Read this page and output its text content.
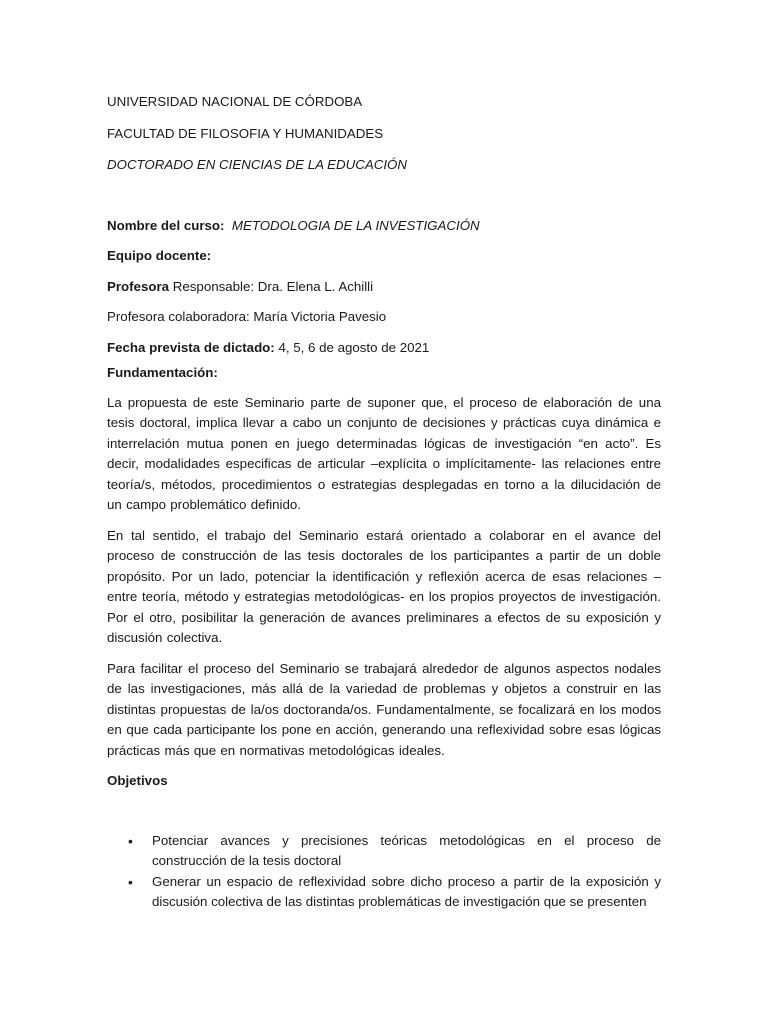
UNIVERSIDAD NACIONAL DE CÓRDOBA

FACULTAD DE FILOSOFIA Y HUMANIDADES

DOCTORADO EN CIENCIAS DE LA EDUCACIÓN

Nombre del curso: METODOLOGIA DE LA INVESTIGACIÓN

Equipo docente:

Profesora Responsable: Dra. Elena L. Achilli

Profesora colaboradora: María Victoria Pavesio

Fecha prevista de dictado: 4, 5, 6 de agosto de 2021

Fundamentación:

La propuesta de este Seminario parte de suponer que, el proceso de elaboración de una tesis doctoral, implica llevar a cabo un conjunto de decisiones y prácticas cuya dinámica e interrelación mutua ponen en juego determinadas lógicas de investigación “en acto”. Es decir, modalidades especificas de articular –explícita o implícitamente- las relaciones entre teoría/s, métodos, procedimientos o estrategias desplegadas en torno a la dilucidación de un campo problemático definido.

En tal sentido, el trabajo del Seminario estará orientado a colaborar en el avance del proceso de construcción de las tesis doctorales de los participantes a partir de un doble propósito. Por un lado, potenciar la identificación y reflexión acerca de esas relaciones –entre teoría, método y estrategias metodológicas- en los propios proyectos de investigación. Por el otro, posibilitar la generación de avances preliminares a efectos de su exposición y discusión colectiva.

Para facilitar el proceso del Seminario se trabajará alrededor de algunos aspectos nodales de las investigaciones, más allá de la variedad de problemas y objetos a construir en las distintas propuestas de la/os doctoranda/os. Fundamentalmente, se focalizará en los modos en que cada participante los pone en acción, generando una reflexividad sobre esas lógicas prácticas más que en normativas metodológicas ideales.

Objetivos

• Potenciar avances y precisiones teóricas metodológicas en el proceso de construcción de la tesis doctoral
• Generar un espacio de reflexividad sobre dicho proceso a partir de la exposición y discusión colectiva de las distintas problemáticas de investigación que se presenten
